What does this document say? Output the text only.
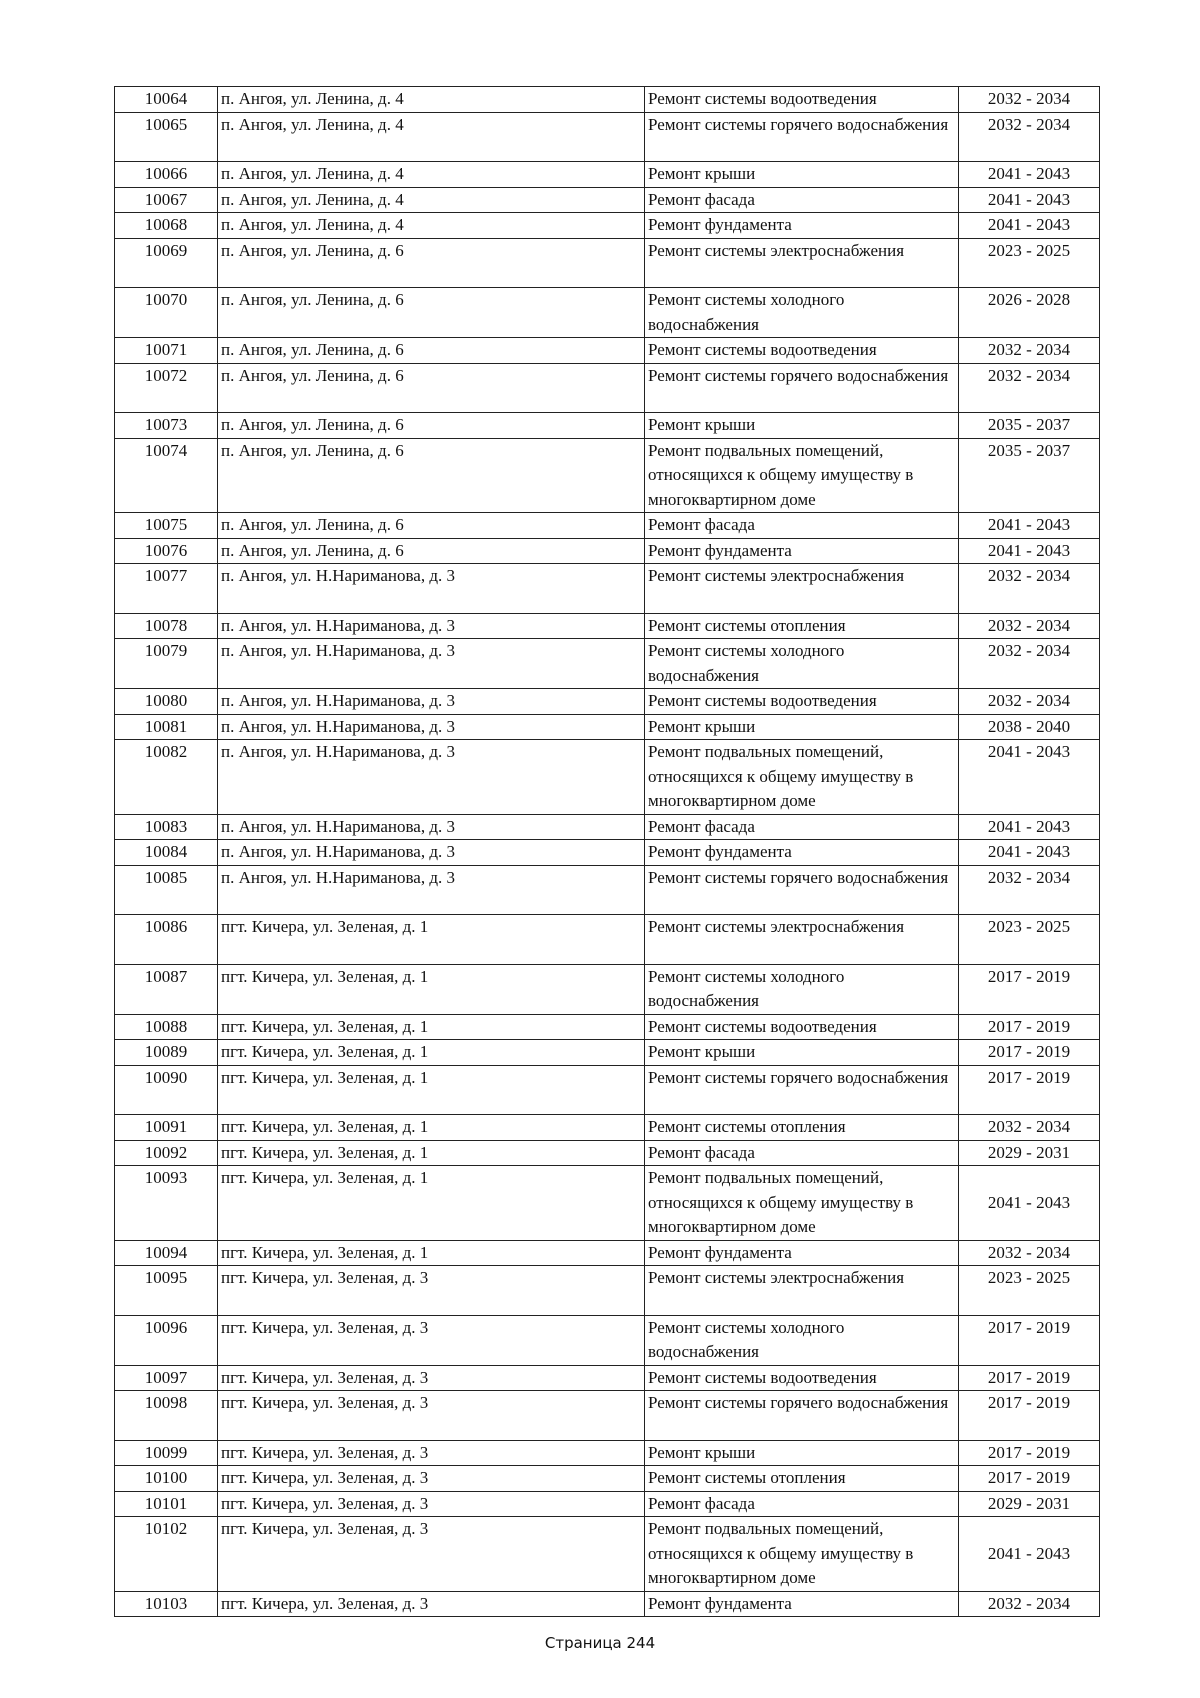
10064	п. Ангоя, ул. Ленина, д. 4	Ремонт системы водоотведения	2032 - 2034
10065	п. Ангоя, ул. Ленина, д. 4	Ремонт системы горячего водоснабжения	2032 - 2034
10066	п. Ангоя, ул. Ленина, д. 4	Ремонт крыши	2041 - 2043
10067	п. Ангоя, ул. Ленина, д. 4	Ремонт фасада	2041 - 2043
10068	п. Ангоя, ул. Ленина, д. 4	Ремонт фундамента	2041 - 2043
10069	п. Ангоя, ул. Ленина, д. 6	Ремонт системы электроснабжения	2023 - 2025
10070	п. Ангоя, ул. Ленина, д. 6	Ремонт системы холодного водоснабжения	2026 - 2028
10071	п. Ангоя, ул. Ленина, д. 6	Ремонт системы водоотведения	2032 - 2034
10072	п. Ангоя, ул. Ленина, д. 6	Ремонт системы горячего водоснабжения	2032 - 2034
10073	п. Ангоя, ул. Ленина, д. 6	Ремонт крыши	2035 - 2037
10074	п. Ангоя, ул. Ленина, д. 6	Ремонт подвальных помещений, относящихся к общему имуществу в многоквартирном доме	2035 - 2037
10075	п. Ангоя, ул. Ленина, д. 6	Ремонт фасада	2041 - 2043
10076	п. Ангоя, ул. Ленина, д. 6	Ремонт фундамента	2041 - 2043
10077	п. Ангоя, ул. Н.Нариманова, д. 3	Ремонт системы электроснабжения	2032 - 2034
10078	п. Ангоя, ул. Н.Нариманова, д. 3	Ремонт системы отопления	2032 - 2034
10079	п. Ангоя, ул. Н.Нариманова, д. 3	Ремонт системы холодного водоснабжения	2032 - 2034
10080	п. Ангоя, ул. Н.Нариманова, д. 3	Ремонт системы водоотведения	2032 - 2034
10081	п. Ангоя, ул. Н.Нариманова, д. 3	Ремонт крыши	2038 - 2040
10082	п. Ангоя, ул. Н.Нариманова, д. 3	Ремонт подвальных помещений, относящихся к общему имуществу в многоквартирном доме	2041 - 2043
10083	п. Ангоя, ул. Н.Нариманова, д. 3	Ремонт фасада	2041 - 2043
10084	п. Ангоя, ул. Н.Нариманова, д. 3	Ремонт фундамента	2041 - 2043
10085	п. Ангоя, ул. Н.Нариманова, д. 3	Ремонт системы горячего водоснабжения	2032 - 2034
10086	пгт. Кичера, ул. Зеленая, д. 1	Ремонт системы электроснабжения	2023 - 2025
10087	пгт. Кичера, ул. Зеленая, д. 1	Ремонт системы холодного водоснабжения	2017 - 2019
10088	пгт. Кичера, ул. Зеленая, д. 1	Ремонт системы водоотведения	2017 - 2019
10089	пгт. Кичера, ул. Зеленая, д. 1	Ремонт крыши	2017 - 2019
10090	пгт. Кичера, ул. Зеленая, д. 1	Ремонт системы горячего водоснабжения	2017 - 2019
10091	пгт. Кичера, ул. Зеленая, д. 1	Ремонт системы отопления	2032 - 2034
10092	пгт. Кичера, ул. Зеленая, д. 1	Ремонт фасада	2029 - 2031
10093	пгт. Кичера, ул. Зеленая, д. 1	Ремонт подвальных помещений, относящихся к общему имуществу в многоквартирном доме	2041 - 2043
10094	пгт. Кичера, ул. Зеленая, д. 1	Ремонт фундамента	2032 - 2034
10095	пгт. Кичера, ул. Зеленая, д. 3	Ремонт системы электроснабжения	2023 - 2025
10096	пгт. Кичера, ул. Зеленая, д. 3	Ремонт системы холодного водоснабжения	2017 - 2019
10097	пгт. Кичера, ул. Зеленая, д. 3	Ремонт системы водоотведения	2017 - 2019
10098	пгт. Кичера, ул. Зеленая, д. 3	Ремонт системы горячего водоснабжения	2017 - 2019
10099	пгт. Кичера, ул. Зеленая, д. 3	Ремонт крыши	2017 - 2019
10100	пгт. Кичера, ул. Зеленая, д. 3	Ремонт системы отопления	2017 - 2019
10101	пгт. Кичера, ул. Зеленая, д. 3	Ремонт фасада	2029 - 2031
10102	пгт. Кичера, ул. Зеленая, д. 3	Ремонт подвальных помещений, относящихся к общему имуществу в многоквартирном доме	2041 - 2043
10103	пгт. Кичера, ул. Зеленая, д. 3	Ремонт фундамента	2032 - 2034
Страница 244
